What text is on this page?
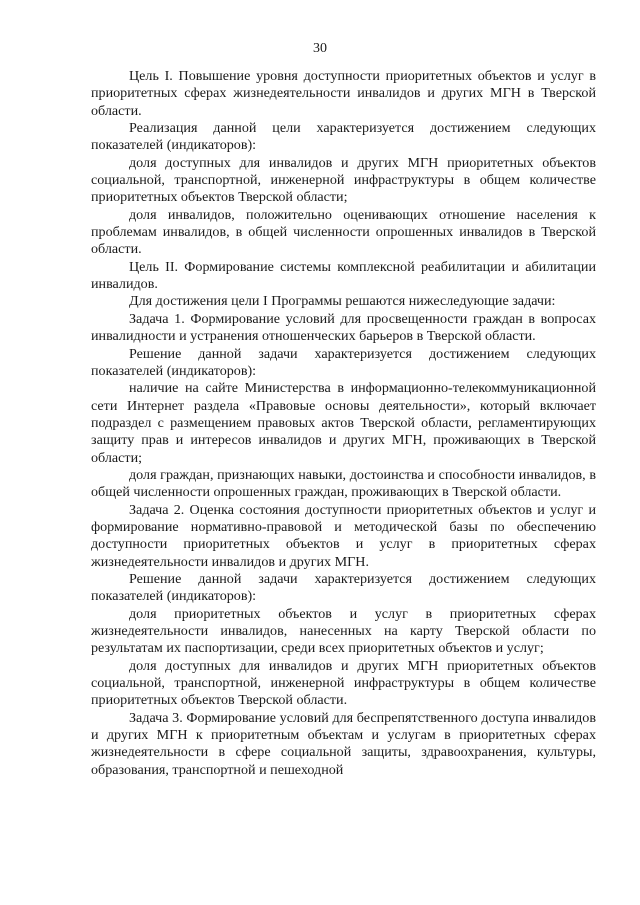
30

Цель I. Повышение уровня доступности приоритетных объектов и услуг в приоритетных сферах жизнедеятельности инвалидов и других МГН в Тверской области.

Реализация данной цели характеризуется достижением следующих показателей (индикаторов):

доля доступных для инвалидов и других МГН приоритетных объектов социальной, транспортной, инженерной инфраструктуры в общем количестве приоритетных объектов Тверской области;

доля инвалидов, положительно оценивающих отношение населения к проблемам инвалидов, в общей численности опрошенных инвалидов в Тверской области.

Цель II. Формирование системы комплексной реабилитации и абилитации инвалидов.

Для достижения цели I Программы решаются нижеследующие задачи:

Задача 1. Формирование условий для просвещенности граждан в вопросах инвалидности и устранения отношенческих барьеров в Тверской области.

Решение данной задачи характеризуется достижением следующих показателей (индикаторов):

наличие на сайте Министерства в информационно-телекоммуникационной сети Интернет раздела «Правовые основы деятельности», который включает подраздел с размещением правовых актов Тверской области, регламентирующих защиту прав и интересов инвалидов и других МГН, проживающих в Тверской области;

доля граждан, признающих навыки, достоинства и способности инвалидов, в общей численности опрошенных граждан, проживающих в Тверской области.

Задача 2. Оценка состояния доступности приоритетных объектов и услуг и формирование нормативно-правовой и методической базы по обеспечению доступности приоритетных объектов и услуг в приоритетных сферах жизнедеятельности инвалидов и других МГН.

Решение данной задачи характеризуется достижением следующих показателей (индикаторов):

доля приоритетных объектов и услуг в приоритетных сферах жизнедеятельности инвалидов, нанесенных на карту Тверской области по результатам их паспортизации, среди всех приоритетных объектов и услуг;

доля доступных для инвалидов и других МГН приоритетных объектов социальной, транспортной, инженерной инфраструктуры в общем количестве приоритетных объектов Тверской области.

Задача 3. Формирование условий для беспрепятственного доступа инвалидов и других МГН к приоритетным объектам и услугам в приоритетных сферах жизнедеятельности в сфере социальной защиты, здравоохранения, культуры, образования, транспортной и пешеходной
